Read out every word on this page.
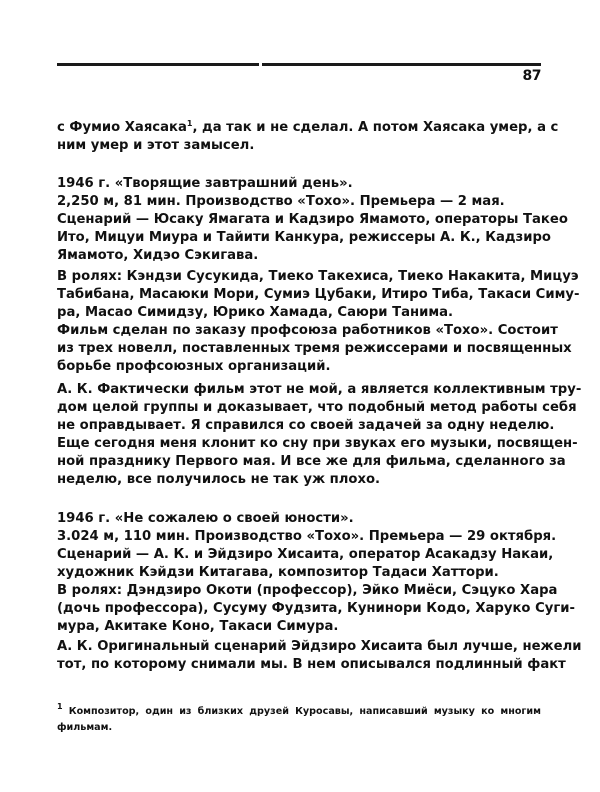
87
с Фумио Хаясака$^1$, да так и не сделал. А потом Хаясака умер, а с
ним умер и этот замысел.
1946 г. «Творящие завтрашний день».
2,250 м, 81 мин. Производство «Тохо». Премьера — 2 мая.
Сценарий — Юсаку Ямагата и Кадзиро Ямамото, операторы Такео
Ито, Мицуи Миура и Тайити Канкура, режиссеры А. К., Кадзиро
Ямамото, Хидэо Сэкигава.
В ролях: Кэндзи Сусукида, Тиеко Такехиса, Тиеко Накакита, Мицуэ
Табибана, Масаюки Мори, Сумиэ Цубаки, Итиро Тиба, Такаси Симу-
ра, Масао Симидзу, Юрико Хамада, Саюри Танима.
Фильм сделан по заказу профсоюза работников «Тохо». Состоит
из трех новелл, поставленных тремя режиссерами и посвященных
борьбе профсоюзных организаций.
А. К. Фактически фильм этот не мой, а является коллективным тру-
дом целой группы и доказывает, что подобный метод работы себя
не оправдывает. Я справился со своей задачей за одну неделю.
Еще сегодня меня клонит ко сну при звуках его музыки, посвящен-
ной празднику Первого мая. И все же для фильма, сделанного за
неделю, все получилось не так уж плохо.
1946 г. «Не сожалею о своей юности».
3.024 м, 110 мин. Производство «Тохо». Премьера — 29 октября.
Сценарий — А. К. и Эйдзиро Хисаита, оператор Асакадзу Накаи,
художник Кэйдзи Китагава, композитор Тадаси Хаттори.
В ролях: Дэндзиро Окоти (профессор), Эйко Миёси, Сэцуко Хара
(дочь профессора), Сусуму Фудзита, Кунинори Кодо, Харуко Суги-
мура, Акитаке Коно, Такаси Симура.
А. К. Оригинальный сценарий Эйдзиро Хисаита был лучше, нежели
тот, по которому снимали мы. В нем описывался подлинный факт
$^1$ Композитор, один из близких друзей Куросавы, написавший музыку ко многим
фильмам.
